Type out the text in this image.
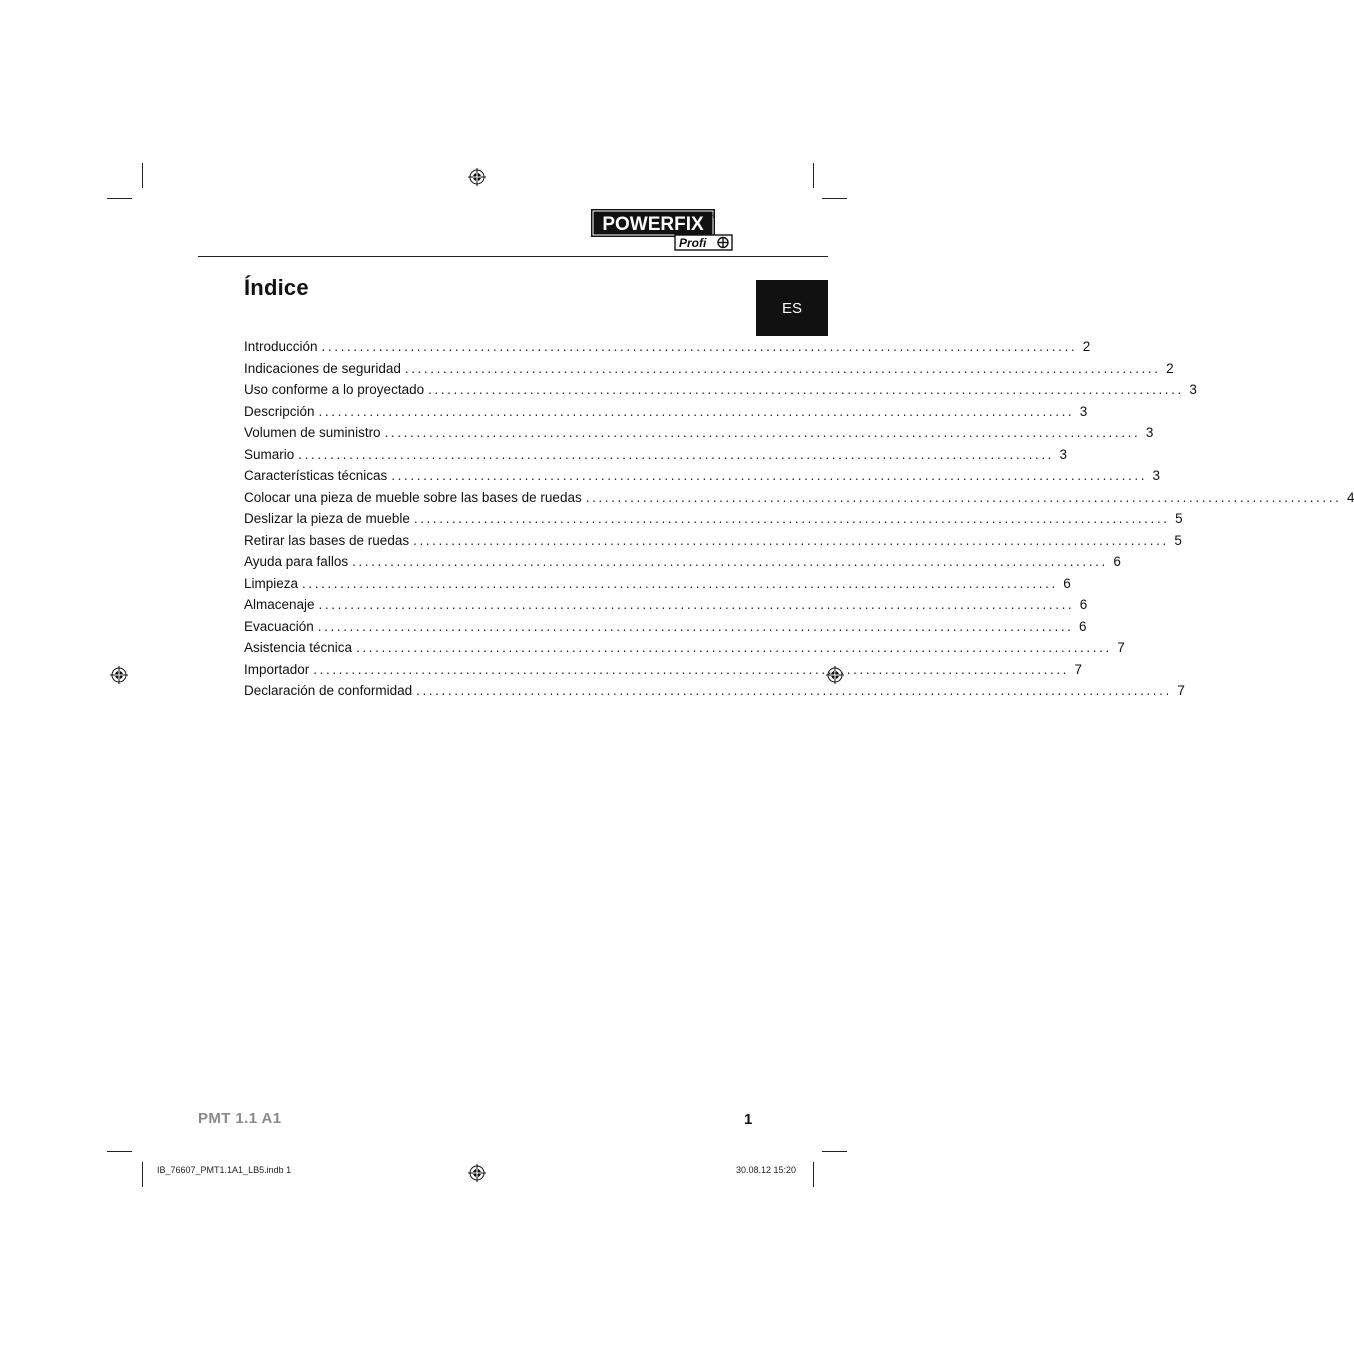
POWERFIX ®
Profi
ES
Índice
Introducción ....................................................................................................................... 2
Indicaciones de seguridad ....................................................................................................................... 2
Uso conforme a lo proyectado ....................................................................................................................... 3
Descripción ....................................................................................................................... 3
Volumen de suministro ....................................................................................................................... 3
Sumario ....................................................................................................................... 3
Características técnicas ....................................................................................................................... 3
Colocar una pieza de mueble sobre las bases de ruedas ....................................................................................................................... 4
Deslizar la pieza de mueble ....................................................................................................................... 5
Retirar las bases de ruedas ....................................................................................................................... 5
Ayuda para fallos ....................................................................................................................... 6
Limpieza ....................................................................................................................... 6
Almacenaje ....................................................................................................................... 6
Evacuación ....................................................................................................................... 6
Asistencia técnica ....................................................................................................................... 7
Importador ....................................................................................................................... 7
Declaración de conformidad ....................................................................................................................... 7
PMT 1.1 A1	1
IB_76607_PMT1.1A1_LB5.indb 1	30.08.12 15:20
